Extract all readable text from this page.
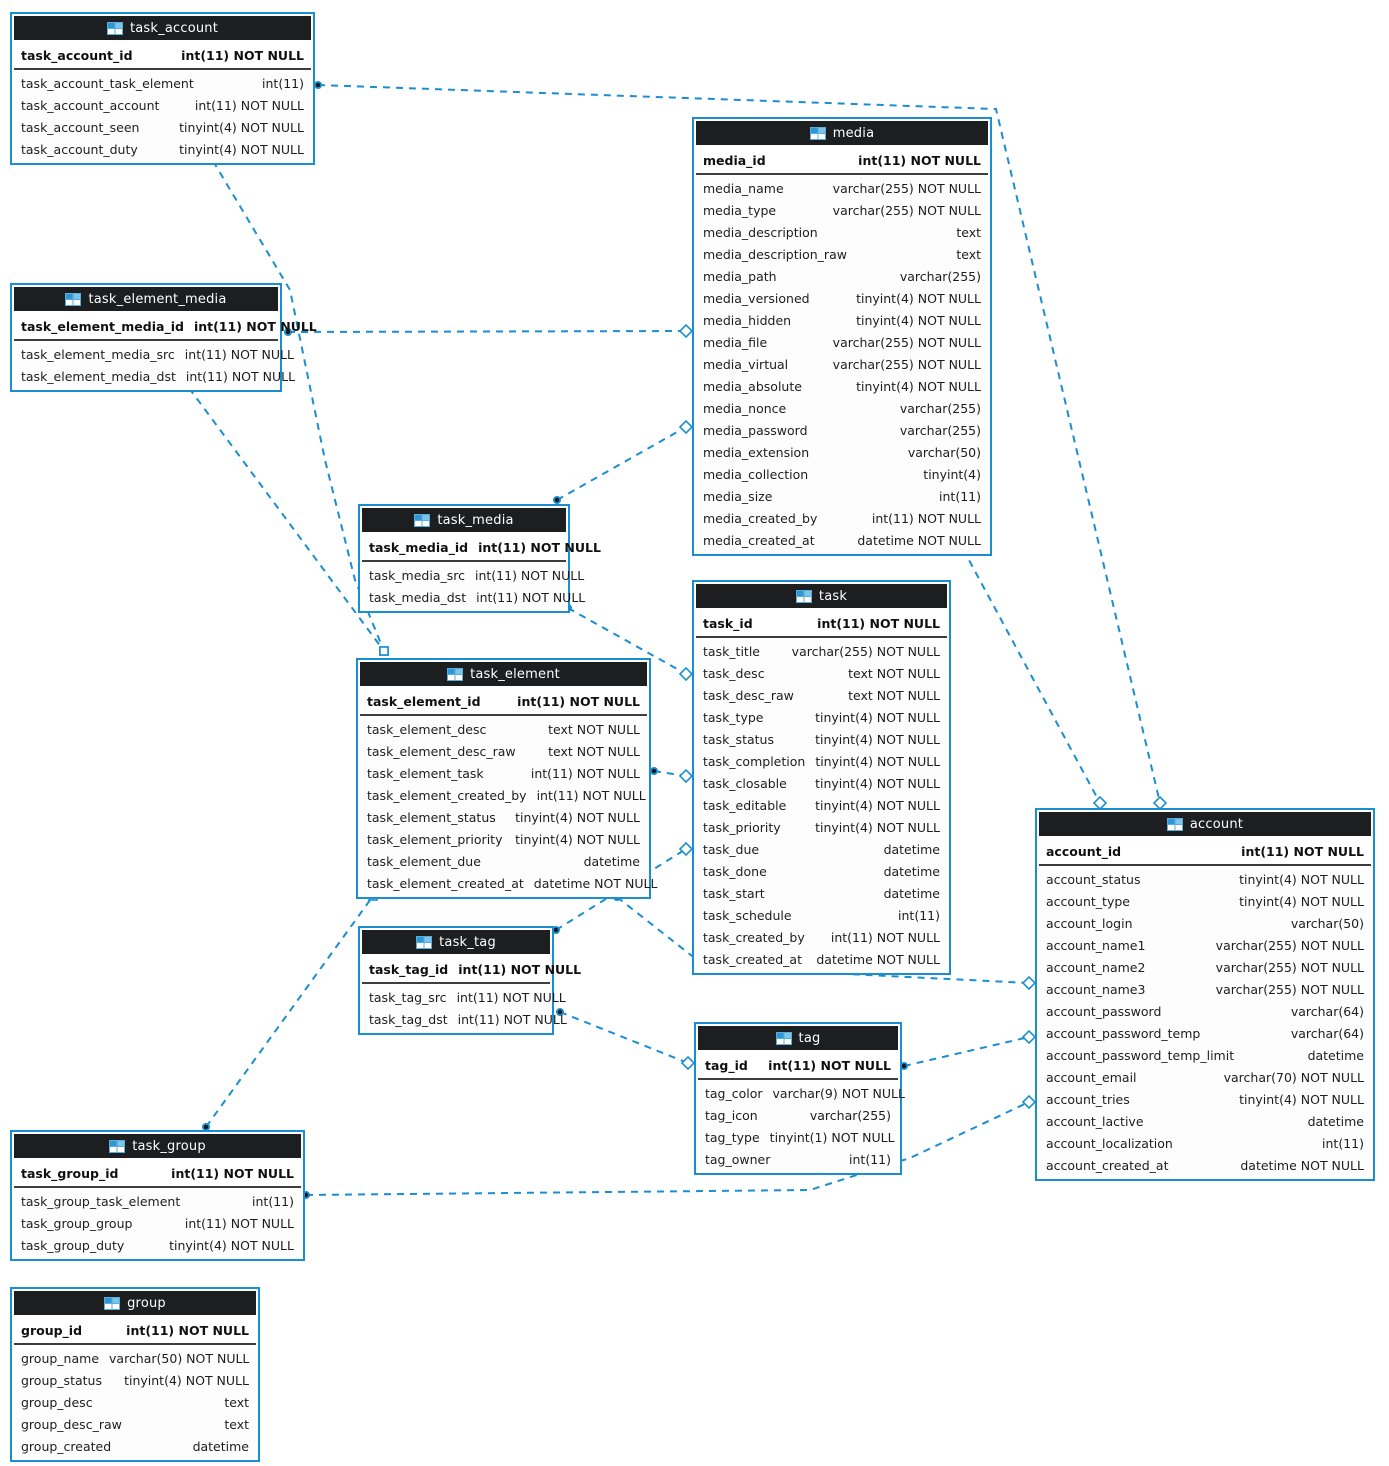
task_account
task_account_id	int(11) NOT NULL
task_account_task_element	int(11)
task_account_account	int(11) NOT NULL
task_account_seen	tinyint(4) NOT NULL
task_account_duty	tinyint(4) NOT NULL
task_element_media
task_element_media_id int(11) NOT NULL
task_element_media_src int(11) NOT NULL
task_element_media_dst int(11) NOT NULL
media
media_id	int(11) NOT NULL
media_name	varchar(255) NOT NULL
media_type	varchar(255) NOT NULL
media_description	text
media_description_raw	text
media_path	varchar(255)
media_versioned	tinyint(4) NOT NULL
media_hidden	tinyint(4) NOT NULL
media_file	varchar(255) NOT NULL
media_virtual	varchar(255) NOT NULL
media_absolute	tinyint(4) NOT NULL
media_nonce	varchar(255)
media_password	varchar(255)
media_extension	varchar(50)
media_collection	tinyint(4)
media_size	int(11)
media_created_by	int(11) NOT NULL
media_created_at	datetime NOT NULL
task_media
task_media_id int(11) NOT NULL
task_media_src int(11) NOT NULL
task_media_dst int(11) NOT NULL
task_element
task_element_id	int(11) NOT NULL
task_element_desc	text NOT NULL
task_element_desc_raw	text NOT NULL
task_element_task	int(11) NOT NULL
task_element_created_by int(11) NOT NULL
task_element_status tinyint(4) NOT NULL
task_element_priority tinyint(4) NOT NULL
task_element_due	datetime
task_element_created_at datetime NOT NULL
task
task_id	int(11) NOT NULL
task_title	varchar(255) NOT NULL
task_desc	text NOT NULL
task_desc_raw	text NOT NULL
task_type	tinyint(4) NOT NULL
task_status	tinyint(4) NOT NULL
task_completion tinyint(4) NOT NULL
task_closable tinyint(4) NOT NULL
task_editable tinyint(4) NOT NULL
task_priority	tinyint(4) NOT NULL
task_due	datetime
task_done	datetime
task_start	datetime
task_schedule	int(11)
task_created_by int(11) NOT NULL
task_created_at datetime NOT NULL
task_tag
task_tag_id int(11) NOT NULL
task_tag_src int(11) NOT NULL
task_tag_dst int(11) NOT NULL
tag
tag_id int(11) NOT NULL
tag_color varchar(9) NOT NULL
tag_icon	varchar(255)
tag_type tinyint(1) NOT NULL
tag_owner	int(11)
task_group
task_group_id	int(11) NOT NULL
task_group_task_element	int(11)
task_group_group	int(11) NOT NULL
task_group_duty	tinyint(4) NOT NULL
group
group_id	int(11) NOT NULL
group_name varchar(50) NOT NULL
group_status tinyint(4) NOT NULL
group_desc	text
group_desc_raw	text
group_created	datetime
account
account_id	int(11) NOT NULL
account_status	tinyint(4) NOT NULL
account_type	tinyint(4) NOT NULL
account_login	varchar(50)
account_name1	varchar(255) NOT NULL
account_name2	varchar(255) NOT NULL
account_name3	varchar(255) NOT NULL
account_password	varchar(64)
account_password_temp	varchar(64)
account_password_temp_limit	datetime
account_email	varchar(70) NOT NULL
account_tries	tinyint(4) NOT NULL
account_lactive	datetime
account_localization	int(11)
account_created_at	datetime NOT NULL
